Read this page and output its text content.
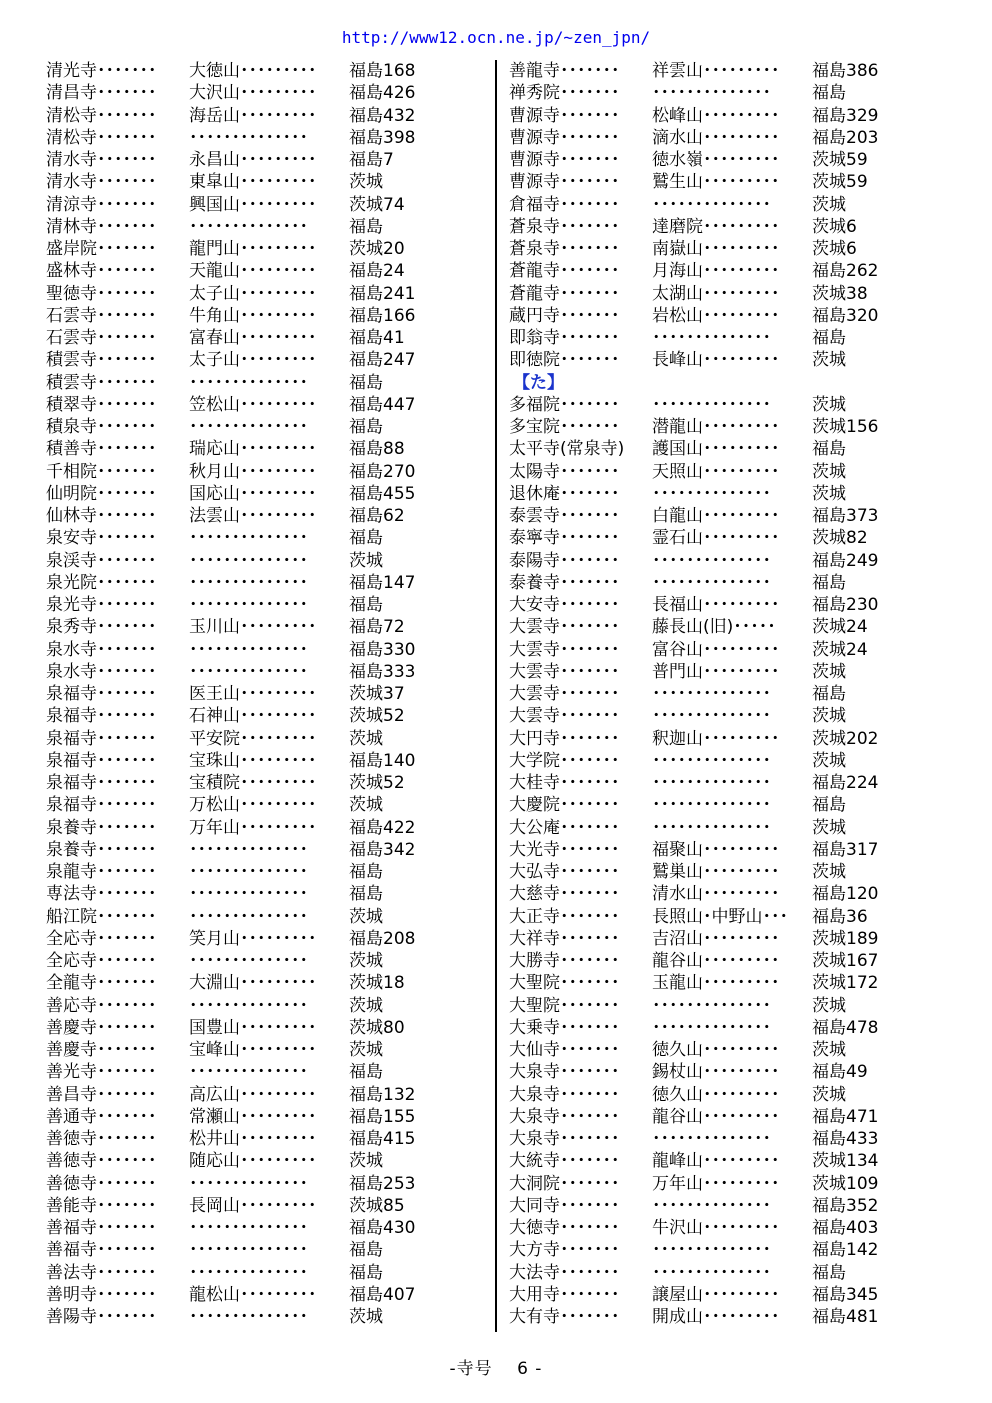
http://www12.ocn.ne.jp/~zen_jpn/
清光寺･･･････ 大徳山･････････ 福島168
清昌寺･･･････ 大沢山･････････ 福島426
清松寺･･･････ 海岳山･････････ 福島432
清松寺･･･････ ･･････････････ 福島398
清水寺･･･････ 永昌山･････････ 福島7
清水寺･･･････ 東皐山･････････ 茨城
清涼寺･･･････ 興国山･････････ 茨城74
清林寺･･･････ ･･････････････ 福島
盛岸院･･･････ 龍門山･････････ 茨城20
盛林寺･･･････ 天龍山･････････ 福島24
聖徳寺･･･････ 太子山･････････ 福島241
石雲寺･･･････ 牛角山･････････ 福島166
石雲寺･･･････ 富春山･････････ 福島41
積雲寺･･･････ 太子山･････････ 福島247
積雲寺･･･････ ･･････････････ 福島
積翠寺･･･････ 笠松山･････････ 福島447
積泉寺･･･････ ･･････････････ 福島
積善寺･･･････ 瑞応山･････････ 福島88
千相院･･･････ 秋月山･････････ 福島270
仙明院･･･････ 国応山･････････ 福島455
仙林寺･･･････ 法雲山･････････ 福島62
泉安寺･･･････ ･･････････････ 福島
泉渓寺･･･････ ･･････････････ 茨城
泉光院･･･････ ･･････････････ 福島147
泉光寺･･･････ ･･････････････ 福島
泉秀寺･･･････ 玉川山･････････ 福島72
泉水寺･･･････ ･･････････････ 福島330
泉水寺･･･････ ･･････････････ 福島333
泉福寺･･･････ 医王山･････････ 茨城37
泉福寺･･･････ 石神山･････････ 茨城52
泉福寺･･･････ 平安院･････････ 茨城
泉福寺･･･････ 宝珠山･････････ 福島140
泉福寺･･･････ 宝積院･････････ 茨城52
泉福寺･･･････ 万松山･････････ 茨城
泉養寺･･･････ 万年山･････････ 福島422
泉養寺･･･････ ･･････････････ 福島342
泉龍寺･･･････ ･･････････････ 福島
専法寺･･･････ ･･････････････ 福島
船江院･･･････ ･･････････････ 茨城
全応寺･･･････ 笑月山･････････ 福島208
全応寺･･･････ ･･････････････ 茨城
全龍寺･･･････ 大淵山･････････ 茨城18
善応寺･･･････ ･･････････････ 茨城
善慶寺･･･････ 国豊山･････････ 茨城80
善慶寺･･･････ 宝峰山･････････ 茨城
善光寺･･･････ ･･････････････ 福島
善昌寺･･･････ 高広山･････････ 福島132
善通寺･･･････ 常瀬山･････････ 福島155
善徳寺･･･････ 松井山･････････ 福島415
善徳寺･･･････ 随応山･････････ 茨城
善徳寺･･･････ ･･････････････ 福島253
善能寺･･･････ 長岡山･････････ 茨城85
善福寺･･･････ ･･････････････ 福島430
善福寺･･･････ ･･････････････ 福島
善法寺･･･････ ･･････････････ 福島
善明寺･･･････ 龍松山･････････ 福島407
善陽寺･･･････ ･･････････････ 茨城
善龍寺･･･････ 祥雲山･････････ 福島386
禅秀院･･･････ ･･････････････ 福島
曹源寺･･･････ 松峰山･････････ 福島329
曹源寺･･･････ 滴水山･････････ 福島203
曹源寺･･･････ 徳水嶺･････････ 茨城59
曹源寺･･･････ 鷲生山･････････ 茨城59
倉福寺･･･････ ･･････････････ 茨城
蒼泉寺･･･････ 達磨院･････････ 茨城6
蒼泉寺･･･････ 南嶽山･････････ 茨城6
蒼龍寺･･･････ 月海山･････････ 福島262
蒼龍寺･･･････ 太湖山･････････ 茨城38
蔵円寺･･･････ 岩松山･････････ 福島320
即翁寺･･･････ ･･････････････ 福島
即徳院･･･････ 長峰山･････････ 茨城
【た】
多福院･･･････ ･･････････････ 茨城
多宝院･･･････ 潜龍山･････････ 茨城156
太平寺(常泉寺) 護国山･････････ 福島
太陽寺･･･････ 天照山･････････ 茨城
退休庵･･･････ ･･････････････ 茨城
泰雲寺･･･････ 白龍山･････････ 福島373
泰寧寺･･･････ 霊石山･････････ 茨城82
泰陽寺･･･････ ･･････････････ 福島249
泰養寺･･･････ ･･････････････ 福島
大安寺･･･････ 長福山･････････ 福島230
大雲寺･･･････ 藤長山(旧)･････ 茨城24
大雲寺･･･････ 富谷山･････････ 茨城24
大雲寺･･･････ 普門山･････････ 茨城
大雲寺･･･････ ･･････････････ 福島
大雲寺･･･････ ･･････････････ 茨城
大円寺･･･････ 釈迦山･････････ 茨城202
大学院･･･････ ･･････････････ 茨城
大桂寺･･･････ ･･････････････ 福島224
大慶院･･･････ ･･････････････ 福島
大公庵･･･････ ･･････････････ 茨城
大光寺･･･････ 福聚山･････････ 福島317
大弘寺･･･････ 鷲巣山･････････ 茨城
大慈寺･･･････ 清水山･････････ 福島120
大正寺･･･････ 長照山･中野山･･･ 福島36
大祥寺･･･････ 吉沼山･････････ 茨城189
大勝寺･･･････ 龍谷山･････････ 茨城167
大聖院･･･････ 玉龍山･････････ 茨城172
大聖院･･･････ ･･････････････ 茨城
大乗寺･･･････ ･･････････････ 福島478
大仙寺･･･････ 徳久山･････････ 茨城
大泉寺･･･････ 錫杖山･････････ 福島49
大泉寺･･･････ 徳久山･････････ 茨城
大泉寺･･･････ 龍谷山･････････ 福島471
大泉寺･･･････ ･･････････････ 福島433
大統寺･･･････ 龍峰山･････････ 茨城134
大洞院･･･････ 万年山･････････ 茨城109
大同寺･･･････ ･･････････････ 福島352
大徳寺･･･････ 牛沢山･････････ 福島403
大方寺･･･････ ･･････････････ 福島142
大法寺･･･････ ･･････････････ 福島
大用寺･･･････ 譲屋山･････････ 福島345
大有寺･･･････ 開成山･････････ 福島481
-寺号　 6 -
